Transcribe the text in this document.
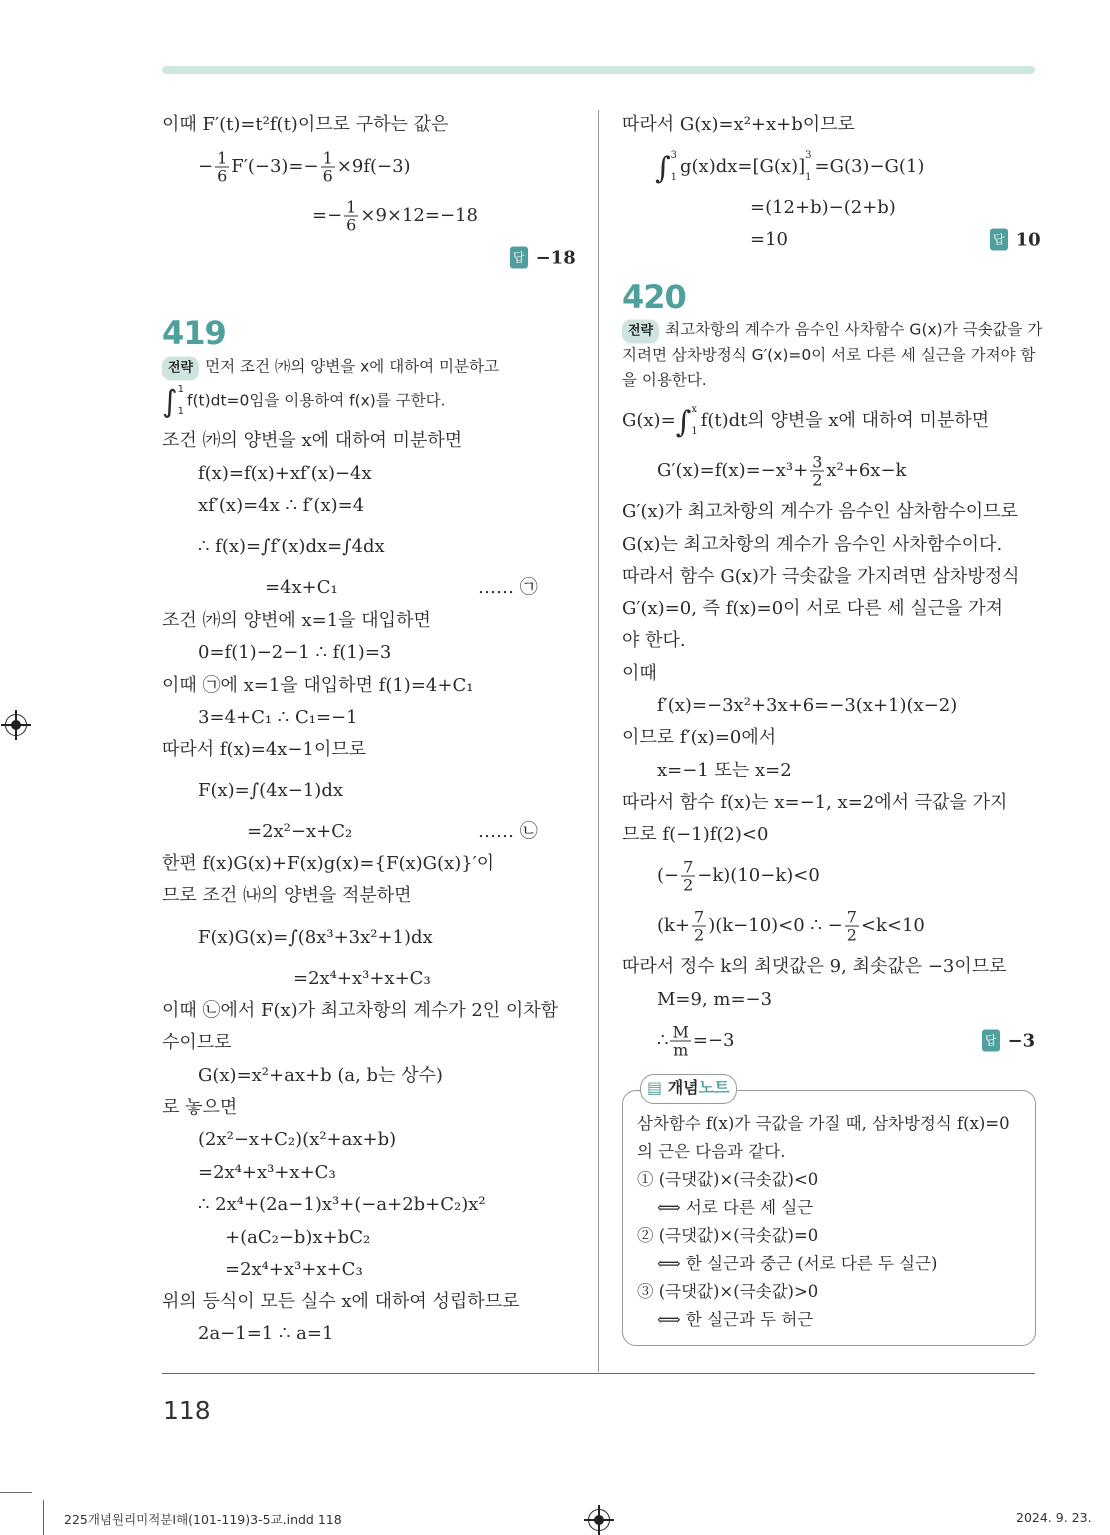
이때 F′(t)=t²f(t)이므로 구하는 값은
− $\frac{1}{6} F'(-3)=- \frac{1}{6} \times 9f(-3)$
=− $\frac{1}{6} \times 9\times 12=-18$
답 −18
419
전략 먼저 조건 ㈎의 양변을 x에 대하여 미분하고
∫ 1
1
f(t)dt=0임을 이용하여 f(x)를 구한다.
조건 ㈎의 양변을 x에 대하여 미분하면
f(x)=f(x)+xf′(x)−4x
xf′(x)=4x ∴ f′(x)=4
∴ f(x)=∫f′(x)dx=∫4dx
=4x+C₁	…… ㉠
조건 ㈎의 양변에 x=1을 대입하면
0=f(1)−2−1 ∴ f(1)=3
이때 ㉠에 x=1을 대입하면 f(1)=4+C₁
3=4+C₁ ∴ C₁=−1
따라서 f(x)=4x−1이므로
F(x)=∫(4x−1)dx
=2x²−x+C₂	…… ㉡
한편 f(x)G(x)+F(x)g(x)={F(x)G(x)}′이
므로 조건 ㈏의 양변을 적분하면
F(x)G(x)=∫(8x³+3x²+1)dx
=2x⁴+x³+x+C₃
이때 ㉡에서 F(x)가 최고차항의 계수가 2인 이차함
수이므로
G(x)=x²+ax+b (a, b는 상수)
로 놓으면
(2x²−x+C₂)(x²+ax+b)
=2x⁴+x³+x+C₃
∴ 2x⁴+(2a−1)x³+(−a+2b+C₂)x²
+(aC₂−b)x+bC₂
=2x⁴+x³+x+C₃
위의 등식이 모든 실수 x에 대하여 성립하므로
2a−1=1 ∴ a=1
따라서 G(x)=x²+x+b이므로
∫ 3
1
g(x)dx=[G(x)]
3
1
=G(3)−G(1)
=(12+b)−(2+b)
=10	답 10
420
전략 최고차항의 계수가 음수인 사차함수 G(x)가 극솟값을 가
지려면 삼차방정식 G′(x)=0이 서로 다른 세 실근을 가져야 함
을 이용한다.
G(x)=∫ x
1
f(t)dt의 양변을 x에 대하여 미분하면
$G'(x)=f(x)=-x^3+ \frac{3}{2} x^2+6x-k$
G′(x)가 최고차항의 계수가 음수인 삼차함수이므로
G(x)는 최고차항의 계수가 음수인 사차함수이다.
따라서 함수 G(x)가 극솟값을 가지려면 삼차방정식
G′(x)=0, 즉 f(x)=0이 서로 다른 세 실근을 가져
야 한다.
이때
f′(x)=−3x²+3x+6=−3(x+1)(x−2)
이므로 f′(x)=0에서
x=−1 또는 x=2
따라서 함수 f(x)는 x=−1, x=2에서 극값을 가지
므로 f(−1)f(2)<0
(− $\frac{7}{2} -k)(10-k)<0$
$(k+ \frac{7}{2} )(k-10)<0$ ∴ − $\frac{7}{2} <k<10$
따라서 정수 k의 최댓값은 9, 최솟값은 −3이므로
M=9, m=−3
∴ $\frac{M}{m} =-3$	답 −3
▤ 개념노트
삼차함수 f(x)가 극값을 가질 때, 삼차방정식 f(x)=0
의 근은 다음과 같다.
① (극댓값)×(극솟값)<0
⟺ 서로 다른 세 실근
② (극댓값)×(극솟값)=0
⟺ 한 실근과 중근 (서로 다른 두 실근)
③ (극댓값)×(극솟값)>0
⟺ 한 실근과 두 허근
118
225개념원리미적분Ⅰ해(101-119)3-5교.indd 118	2024. 9. 23.
